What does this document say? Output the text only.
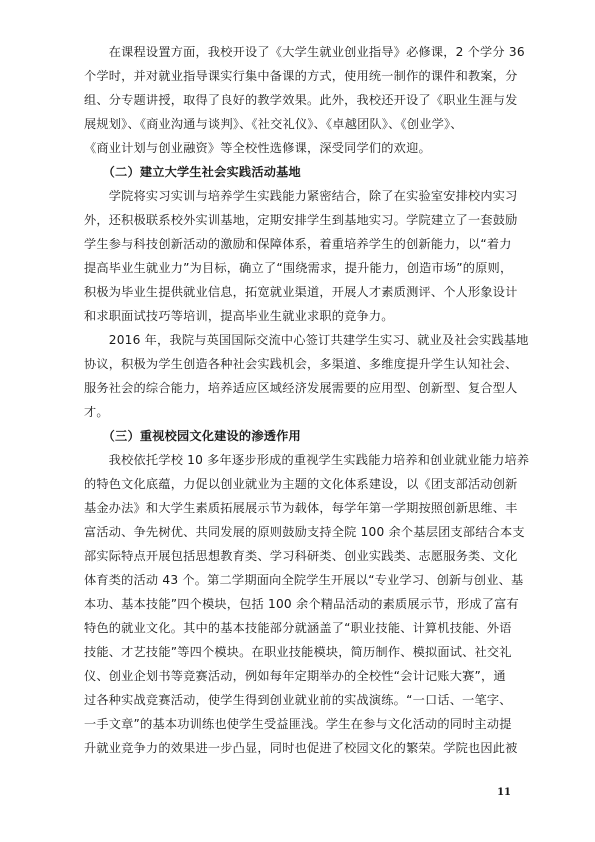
　　在课程设置方面，我校开设了《大学生就业创业指导》必修课，2 个学分 36
个学时，并对就业指导课实行集中备课的方式，使用统一制作的课件和教案，分
组、分专题讲授，取得了良好的教学效果。此外，我校还开设了《职业生涯与发
展规划》、《商业沟通与谈判》、《社交礼仪》、《卓越团队》、《创业学》、
《商业计划与创业融资》等全校性选修课，深受同学们的欢迎。
　　（二）建立大学生社会实践活动基地
　　学院将实习实训与培养学生实践能力紧密结合，除了在实验室安排校内实习
外，还积极联系校外实训基地，定期安排学生到基地实习。学院建立了一套鼓励
学生参与科技创新活动的激励和保障体系，着重培养学生的创新能力，以“着力
提高毕业生就业力”为目标，确立了“围绕需求，提升能力，创造市场”的原则，
积极为毕业生提供就业信息，拓宽就业渠道，开展人才素质测评、个人形象设计
和求职面试技巧等培训，提高毕业生就业求职的竞争力。
　　2016 年，我院与英国国际交流中心签订共建学生实习、就业及社会实践基地
协议，积极为学生创造各种社会实践机会，多渠道、多维度提升学生认知社会、
服务社会的综合能力，培养适应区域经济发展需要的应用型、创新型、复合型人
才。
　　（三）重视校园文化建设的渗透作用
　　我校依托学校 10 多年逐步形成的重视学生实践能力培养和创业就业能力培养
的特色文化底蕴，力促以创业就业为主题的文化体系建设，以《团支部活动创新
基金办法》和大学生素质拓展展示节为载体，每学年第一学期按照创新思维、丰
富活动、争先树优、共同发展的原则鼓励支持全院 100 余个基层团支部结合本支
部实际特点开展包括思想教育类、学习科研类、创业实践类、志愿服务类、文化
体育类的活动 43 个。第二学期面向全院学生开展以“专业学习、创新与创业、基
本功、基本技能”四个模块，包括 100 余个精品活动的素质展示节，形成了富有
特色的就业文化。其中的基本技能部分就涵盖了“职业技能、计算机技能、外语
技能、才艺技能”等四个模块。在职业技能模块，简历制作、模拟面试、社交礼
仪、创业企划书等竞赛活动，例如每年定期举办的全校性“会计记账大赛”，通
过各种实战竞赛活动，使学生得到创业就业前的实战演练。“一口话、一笔字、
一手文章”的基本功训练也使学生受益匪浅。学生在参与文化活动的同时主动提
升就业竞争力的效果进一步凸显，同时也促进了校园文化的繁荣。学院也因此被
11
